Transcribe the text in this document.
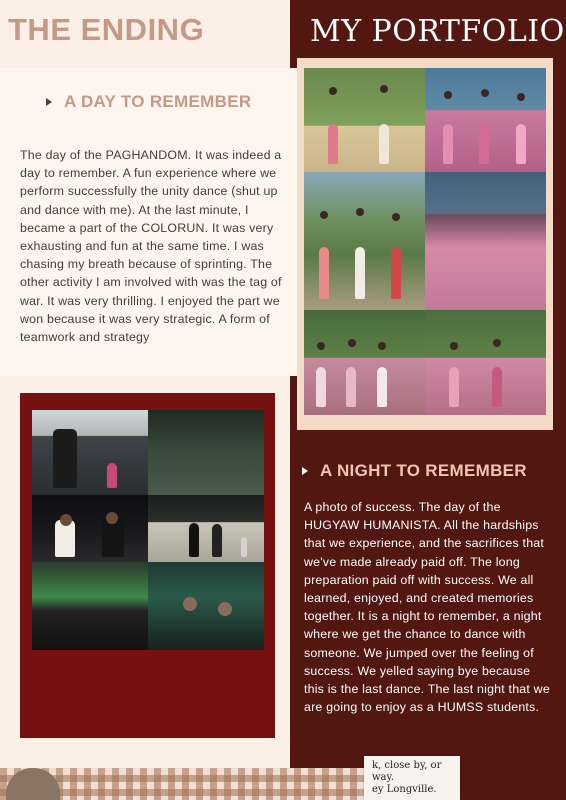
THE ENDING	MY PORTFOLIO
A DAY TO REMEMBER
The day of the PAGHANDOM. It was indeed a day to remember. A fun experience where we perform successfully the unity dance (shut up and dance with me). At the last minute, I became a part of the COLORUN. It was very exhausting and fun at the same time. I was chasing my breath because of sprinting. The other activity I am involved with was the tag of war. It was very thrilling. I enjoyed the part we won because it was very strategic. A form of teamwork and strategy
A NIGHT TO REMEMBER
A photo of success. The day of the HUGYAW HUMANISTA. All the hardships that we experience, and the sacrifices that we've made already paid off. The long preparation paid off with success. We all learned, enjoyed, and created memories together. It is a night to remember, a night where we get the chance to dance with someone. We jumped over the feeling of success. We yelled saying bye because this is the last dance. The last night that we are going to enjoy as a HUMSS students.
k, close by, or
way.
ey Longville.
